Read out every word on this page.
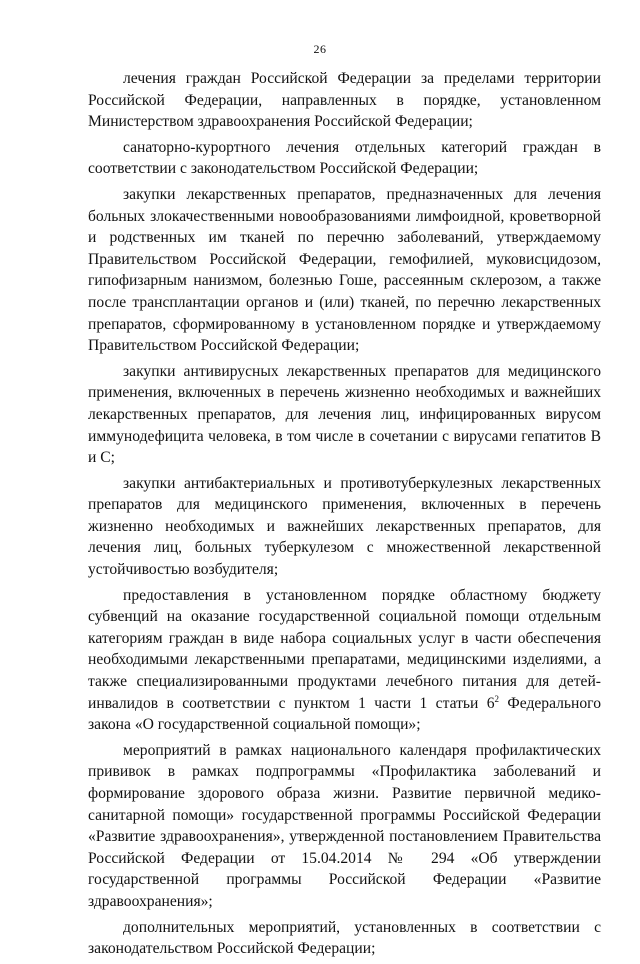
26

лечения граждан Российской Федерации за пределами территории Российской Федерации, направленных в порядке, установленном Министерством здравоохранения Российской Федерации;

санаторно-курортного лечения отдельных категорий граждан в соответствии с законодательством Российской Федерации;

закупки лекарственных препаратов, предназначенных для лечения больных злокачественными новообразованиями лимфоидной, кроветворной и родственных им тканей по перечню заболеваний, утверждаемому Правительством Российской Федерации, гемофилией, муковисцидозом, гипофизарным нанизмом, болезнью Гоше, рассеянным склерозом, а также после трансплантации органов и (или) тканей, по перечню лекарственных препаратов, сформированному в установленном порядке и утверждаемому Правительством Российской Федерации;

закупки антивирусных лекарственных препаратов для медицинского применения, включенных в перечень жизненно необходимых и важнейших лекарственных препаратов, для лечения лиц, инфицированных вирусом иммунодефицита человека, в том числе в сочетании с вирусами гепатитов B и C;

закупки антибактериальных и противотуберкулезных лекарственных препаратов для медицинского применения, включенных в перечень жизненно необходимых и важнейших лекарственных препаратов, для лечения лиц, больных туберкулезом с множественной лекарственной устойчивостью возбудителя;

предоставления в установленном порядке областному бюджету субвенций на оказание государственной социальной помощи отдельным категориям граждан в виде набора социальных услуг в части обеспечения необходимыми лекарственными препаратами, медицинскими изделиями, а также специализированными продуктами лечебного питания для детей-инвалидов в соответствии с пунктом 1 части 1 статьи $6^2$ Федерального закона «О государственной социальной помощи»;

мероприятий в рамках национального календаря профилактических прививок в рамках подпрограммы «Профилактика заболеваний и формирование здорового образа жизни. Развитие первичной медико-санитарной помощи» государственной программы Российской Федерации «Развитие здравоохранения», утвержденной постановлением Правительства Российской Федерации от 15.04.2014 № 294 «Об утверждении государственной программы Российской Федерации «Развитие здравоохранения»;

дополнительных мероприятий, установленных в соответствии с законодательством Российской Федерации;
